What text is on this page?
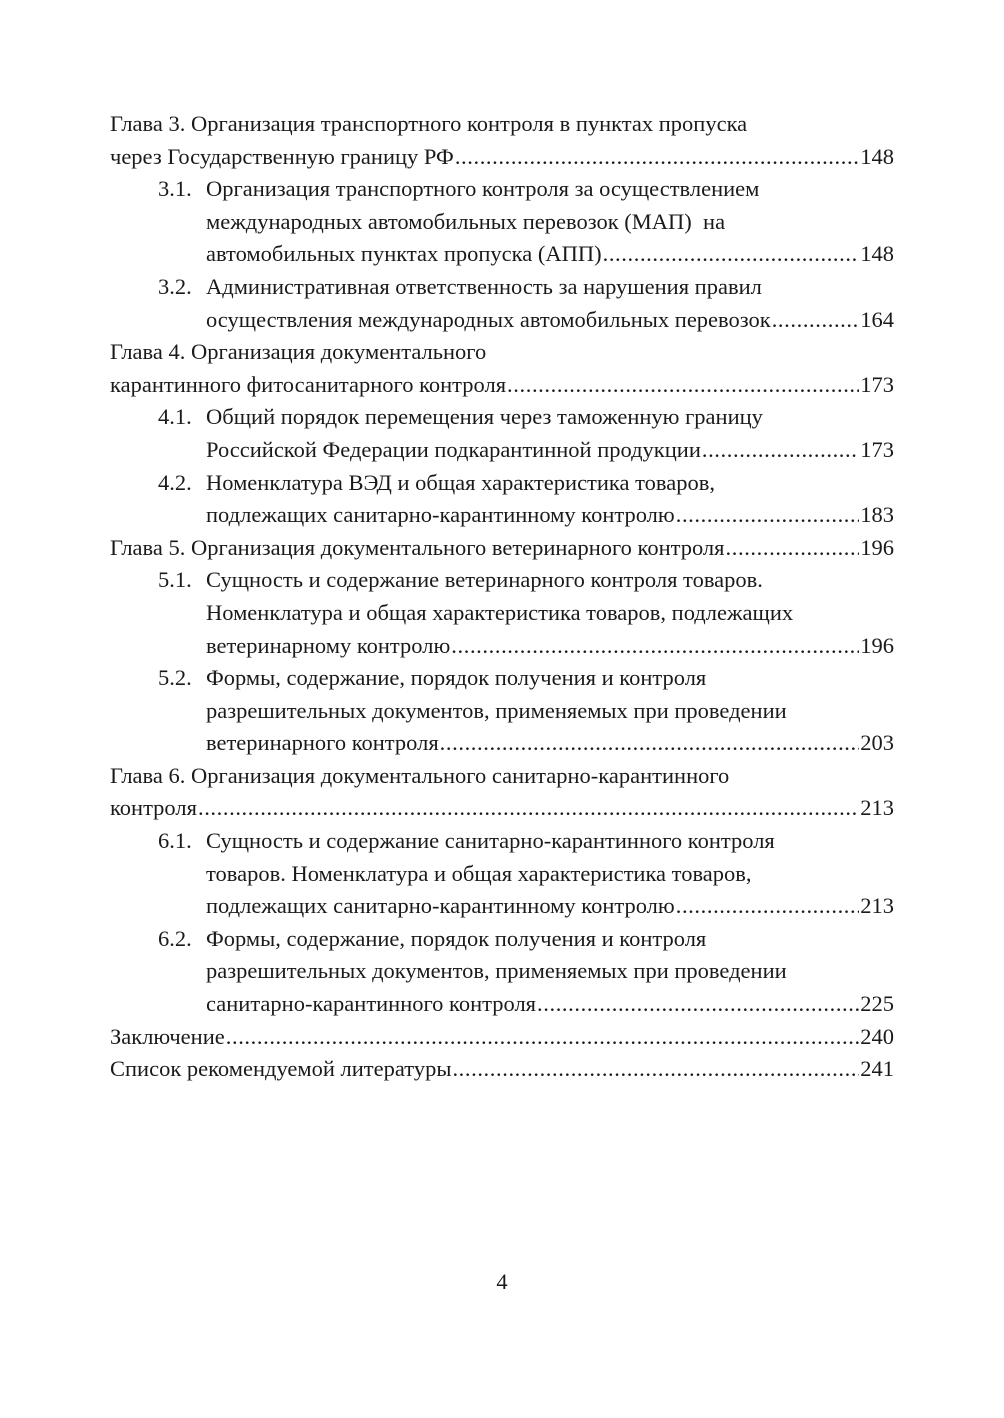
Глава 3. Организация транспортного контроля в пунктах пропуска
через Государственную границу РФ .....	148
3.1. Организация транспортного контроля за осуществлением
международных автомобильных перевозок (МАП)  на
автомобильных пунктах пропуска (АПП) .....	148
3.2. Административная ответственность за нарушения правил
осуществления международных автомобильных перевозок .....	164
Глава 4. Организация документального
карантинного фитосанитарного контроля .....	173
4.1. Общий порядок перемещения через таможенную границу
Российской Федерации подкарантинной продукции .....	173
4.2. Номенклатура ВЭД и общая характеристика товаров,
подлежащих санитарно-карантинному контролю .....	183
Глава 5. Организация документального ветеринарного контроля .....	196
5.1. Сущность и содержание ветеринарного контроля товаров.
Номенклатура и общая характеристика товаров, подлежащих
ветеринарному контролю .....	196
5.2. Формы, содержание, порядок получения и контроля
разрешительных документов, применяемых при проведении
ветеринарного контроля .....	203
Глава 6. Организация документального санитарно-карантинного
контроля .....	213
6.1. Сущность и содержание санитарно-карантинного контроля
товаров. Номенклатура и общая характеристика товаров,
подлежащих санитарно-карантинному контролю .....	213
6.2. Формы, содержание, порядок получения и контроля
разрешительных документов, применяемых при проведении
санитарно-карантинного контроля .....	225
Заключение .....	240
Список рекомендуемой литературы .....	241
4
